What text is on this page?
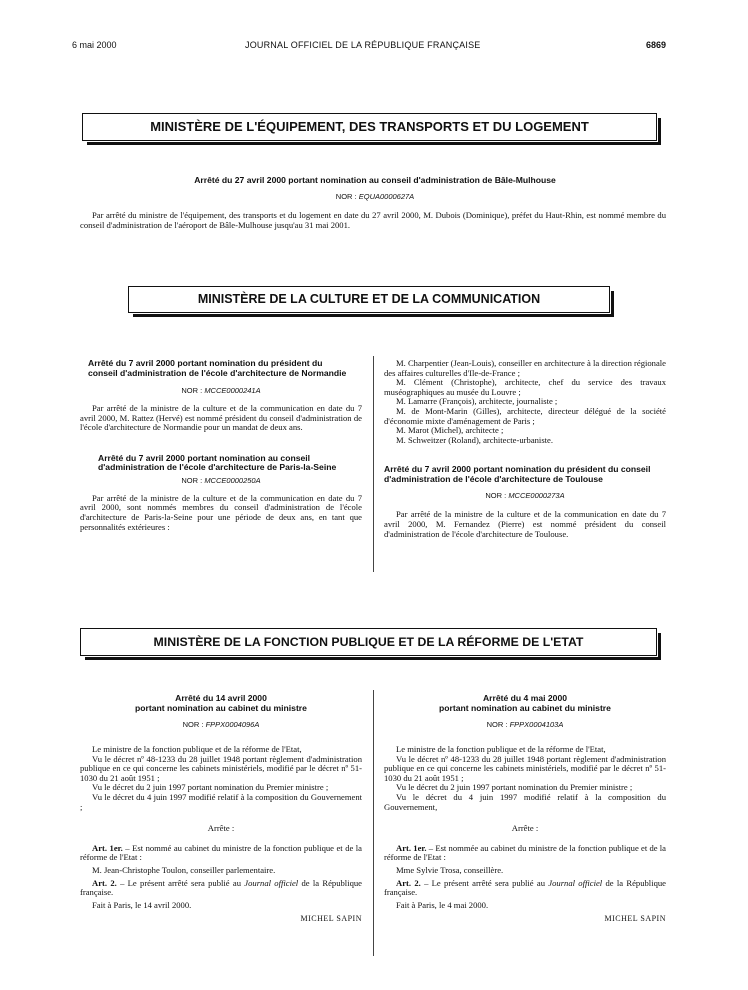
6 mai 2000	JOURNAL OFFICIEL DE LA RÉPUBLIQUE FRANÇAISE	6869
MINISTÈRE DE L'ÉQUIPEMENT, DES TRANSPORTS ET DU LOGEMENT
Arrêté du 27 avril 2000 portant nomination au conseil d'administration de Bâle-Mulhouse
NOR : EQUA0000627A

Par arrêté du ministre de l'équipement, des transports et du logement en date du 27 avril 2000, M. Dubois (Dominique), préfet du Haut-Rhin, est nommé membre du conseil d'administration de l'aéroport de Bâle-Mulhouse jusqu'au 31 mai 2001.

MINISTÈRE DE LA CULTURE ET DE LA COMMUNICATION
Arrêté du 7 avril 2000 portant nomination du président du conseil d'administration de l'école d'architecture de Normandie
NOR : MCCE0000241A

Par arrêté de la ministre de la culture et de la communication en date du 7 avril 2000, M. Rattez (Hervé) est nommé président du conseil d'administration de l'école d'architecture de Normandie pour un mandat de deux ans.

Arrêté du 7 avril 2000 portant nomination au conseil d'administration de l'école d'architecture de Paris-la-Seine
NOR : MCCE0000250A

Par arrêté de la ministre de la culture et de la communication en date du 7 avril 2000, sont nommés membres du conseil d'administration de l'école d'architecture de Paris-la-Seine pour une période de deux ans, en tant que personnalités extérieures :

M. Charpentier (Jean-Louis), conseiller en architecture à la direction régionale des affaires culturelles d'Ile-de-France ;

M. Clément (Christophe), architecte, chef du service des travaux muséographiques au musée du Louvre ;

M. Lamarre (François), architecte, journaliste ;

M. de Mont-Marin (Gilles), architecte, directeur délégué de la société d'économie mixte d'aménagement de Paris ;

M. Marot (Michel), architecte ;

M. Schweitzer (Roland), architecte-urbaniste.

Arrêté du 7 avril 2000 portant nomination du président du conseil d'administration de l'école d'architecture de Toulouse
NOR : MCCE0000273A

Par arrêté de la ministre de la culture et de la communication en date du 7 avril 2000, M. Fernandez (Pierre) est nommé président du conseil d'administration de l'école d'architecture de Toulouse.

MINISTÈRE DE LA FONCTION PUBLIQUE ET DE LA RÉFORME DE L'ETAT
Arrêté du 14 avril 2000
portant nomination au cabinet du ministre
NOR : FPPX0004096A

Le ministre de la fonction publique et de la réforme de l'Etat,

Vu le décret nº 48-1233 du 28 juillet 1948 portant règlement d'administration publique en ce qui concerne les cabinets ministériels, modifié par le décret nº 51-1030 du 21 août 1951 ;

Vu le décret du 2 juin 1997 portant nomination du Premier ministre ;

Vu le décret du 4 juin 1997 modifié relatif à la composition du Gouvernement ;

Arrête :

Art. 1er. – Est nommé au cabinet du ministre de la fonction publique et de la réforme de l'Etat :

M. Jean-Christophe Toulon, conseiller parlementaire.

Art. 2. – Le présent arrêté sera publié au Journal officiel de la République française.

Fait à Paris, le 14 avril 2000.

MICHEL SAPIN
Arrêté du 4 mai 2000
portant nomination au cabinet du ministre
NOR : FPPX0004103A

Le ministre de la fonction publique et de la réforme de l'Etat,

Vu le décret nº 48-1233 du 28 juillet 1948 portant règlement d'administration publique en ce qui concerne les cabinets ministériels, modifié par le décret nº 51-1030 du 21 août 1951 ;

Vu le décret du 2 juin 1997 portant nomination du Premier ministre ;

Vu le décret du 4 juin 1997 modifié relatif à la composition du Gouvernement,

Arrête :

Art. 1er. – Est nommée au cabinet du ministre de la fonction publique et de la réforme de l'Etat :

Mme Sylvie Trosa, conseillère.

Art. 2. – Le présent arrêté sera publié au Journal officiel de la République française.

Fait à Paris, le 4 mai 2000.

MICHEL SAPIN
